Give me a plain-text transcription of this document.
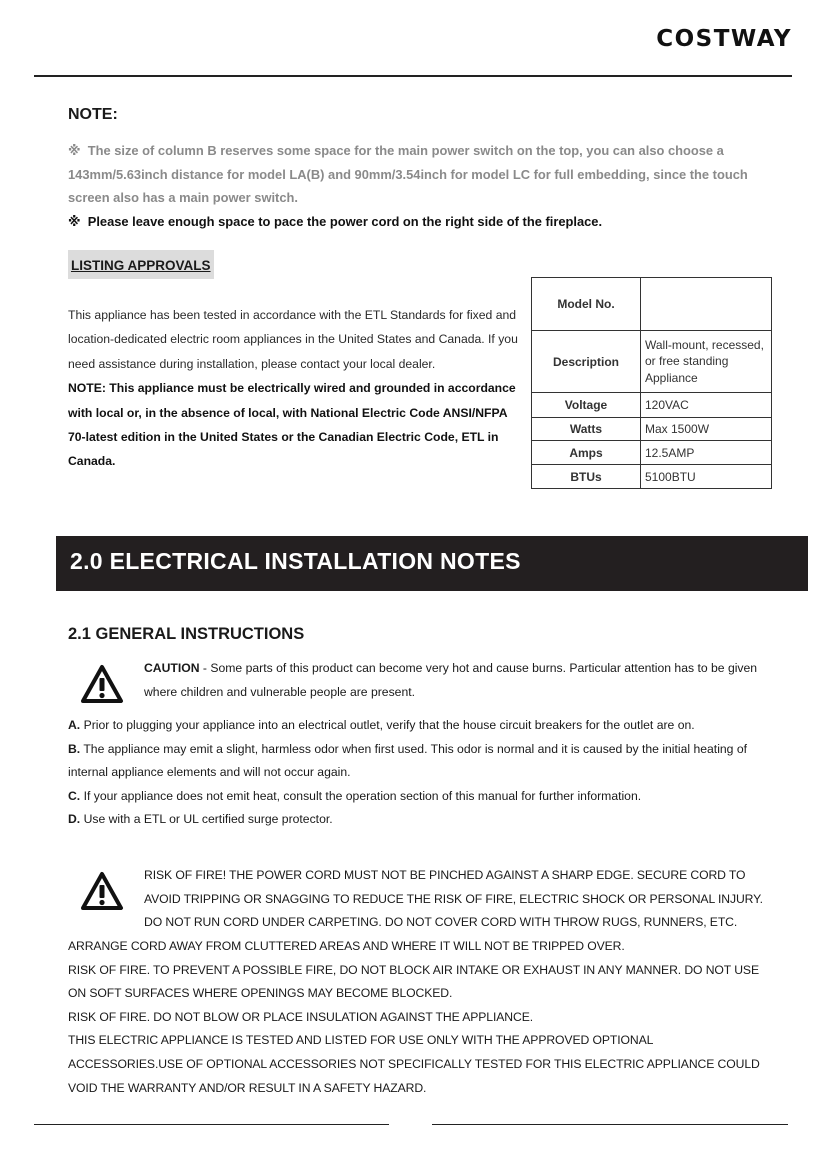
COSTWAY
NOTE:

※ The size of column B reserves some space for the main power switch on the top, you can also choose a 143mm/5.63inch distance for model LA(B) and 90mm/3.54inch for model LC for full embedding, since the touch screen also has a main power switch.

※ Please leave enough space to pace the power cord on the right side of the fireplace.

LISTING APPROVALS

This appliance has been tested in accordance with the ETL Standards for fixed and location-dedicated electric room appliances in the United States and Canada. If you need assistance during installation, please contact your local dealer.

NOTE: This appliance must be electrically wired and grounded in accordance with local or, in the absence of local, with National Electric Code ANSI/NFPA 70-latest edition in the United States or the Canadian Electric Code, ETL in Canada.

Model No.	
Description	Wall-mount, recessed, or free standing Appliance
Voltage	120VAC
Watts	Max 1500W
Amps	12.5AMP
BTUs	5100BTU
2.0 ELECTRICAL INSTALLATION NOTES
2.1 GENERAL INSTRUCTIONS
CAUTION - Some parts of this product can become very hot and cause burns. Particular attention has to be given where children and vulnerable people are present.

A. Prior to plugging your appliance into an electrical outlet, verify that the house circuit breakers for the outlet are on.

B. The appliance may emit a slight, harmless odor when first used. This odor is normal and it is caused by the initial heating of internal appliance elements and will not occur again.

C. If your appliance does not emit heat, consult the operation section of this manual for further information.

D. Use with a ETL or UL certified surge protector.

RISK OF FIRE! THE POWER CORD MUST NOT BE PINCHED AGAINST A SHARP EDGE. SECURE CORD TO AVOID TRIPPING OR SNAGGING TO REDUCE THE RISK OF FIRE, ELECTRIC SHOCK OR PERSONAL INJURY. DO NOT RUN CORD UNDER CARPETING. DO NOT COVER CORD WITH THROW RUGS, RUNNERS, ETC.

ARRANGE CORD AWAY FROM CLUTTERED AREAS AND WHERE IT WILL NOT BE TRIPPED OVER.

RISK OF FIRE. TO PREVENT A POSSIBLE FIRE, DO NOT BLOCK AIR INTAKE OR EXHAUST IN ANY MANNER. DO NOT USE ON SOFT SURFACES WHERE OPENINGS MAY BECOME BLOCKED.

RISK OF FIRE. DO NOT BLOW OR PLACE INSULATION AGAINST THE APPLIANCE.

THIS ELECTRIC APPLIANCE IS TESTED AND LISTED FOR USE ONLY WITH THE APPROVED OPTIONAL ACCESSORIES.USE OF OPTIONAL ACCESSORIES NOT SPECIFICALLY TESTED FOR THIS ELECTRIC APPLIANCE COULD VOID THE WARRANTY AND/OR RESULT IN A SAFETY HAZARD.
